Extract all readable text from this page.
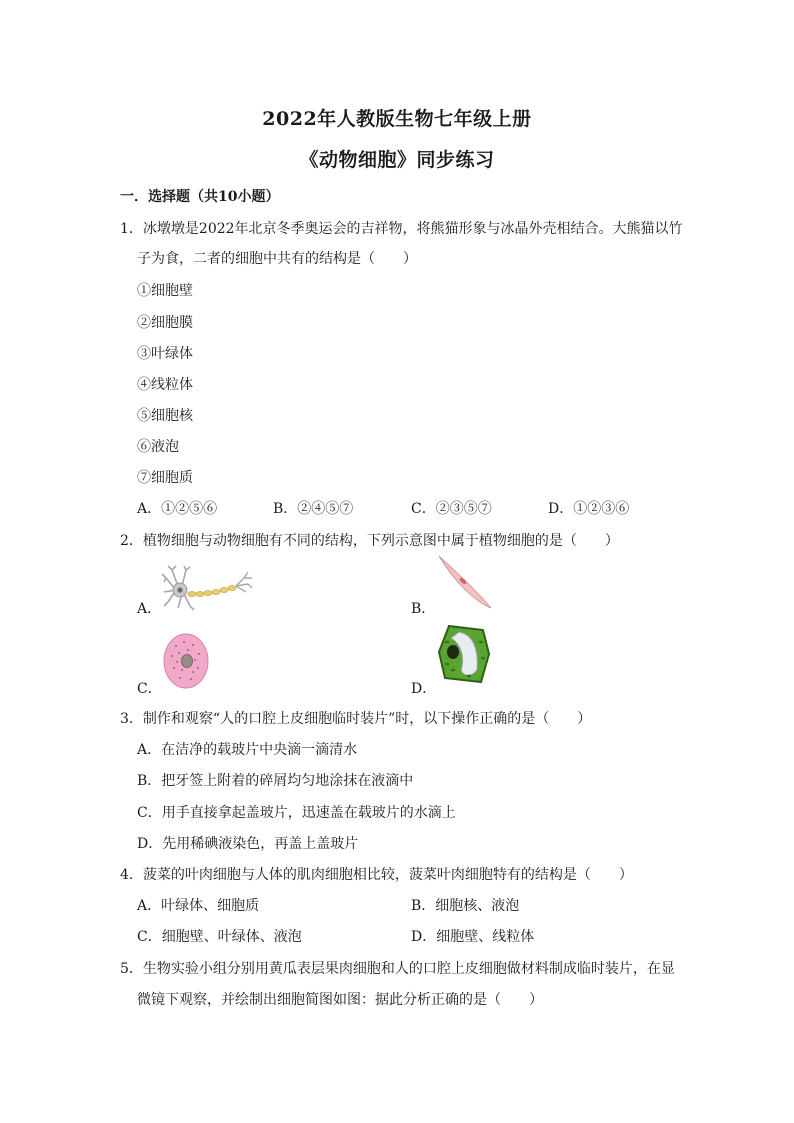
2022年人教版生物七年级上册
《动物细胞》同步练习
一．选择题（共10小题）
1．冰墩墩是2022年北京冬季奥运会的吉祥物，将熊猫形象与冰晶外壳相结合。大熊猫以竹
子为食，二者的细胞中共有的结构是（　　）
①细胞壁
②细胞膜
③叶绿体
④线粒体
⑤细胞核
⑥液泡
⑦细胞质
A．①②⑤⑥	B．②④⑤⑦	C．②③⑤⑦	D．①②③⑥
2．植物细胞与动物细胞有不同的结构，下列示意图中属于植物细胞的是（　　）
A．	B．
C．	D．
3．制作和观察“人的口腔上皮细胞临时装片”时，以下操作正确的是（　　）
A．在洁净的载玻片中央滴一滴清水
B．把牙签上附着的碎屑均匀地涂抹在液滴中
C．用手直接拿起盖玻片，迅速盖在载玻片的水滴上
D．先用稀碘液染色，再盖上盖玻片
4．菠菜的叶肉细胞与人体的肌肉细胞相比较，菠菜叶肉细胞特有的结构是（　　）
A．叶绿体、细胞质	B．细胞核、液泡
C．细胞壁、叶绿体、液泡	D．细胞壁、线粒体
5．生物实验小组分别用黄瓜表层果肉细胞和人的口腔上皮细胞做材料制成临时装片，在显
微镜下观察，并绘制出细胞简图如图：据此分析正确的是（　　）
